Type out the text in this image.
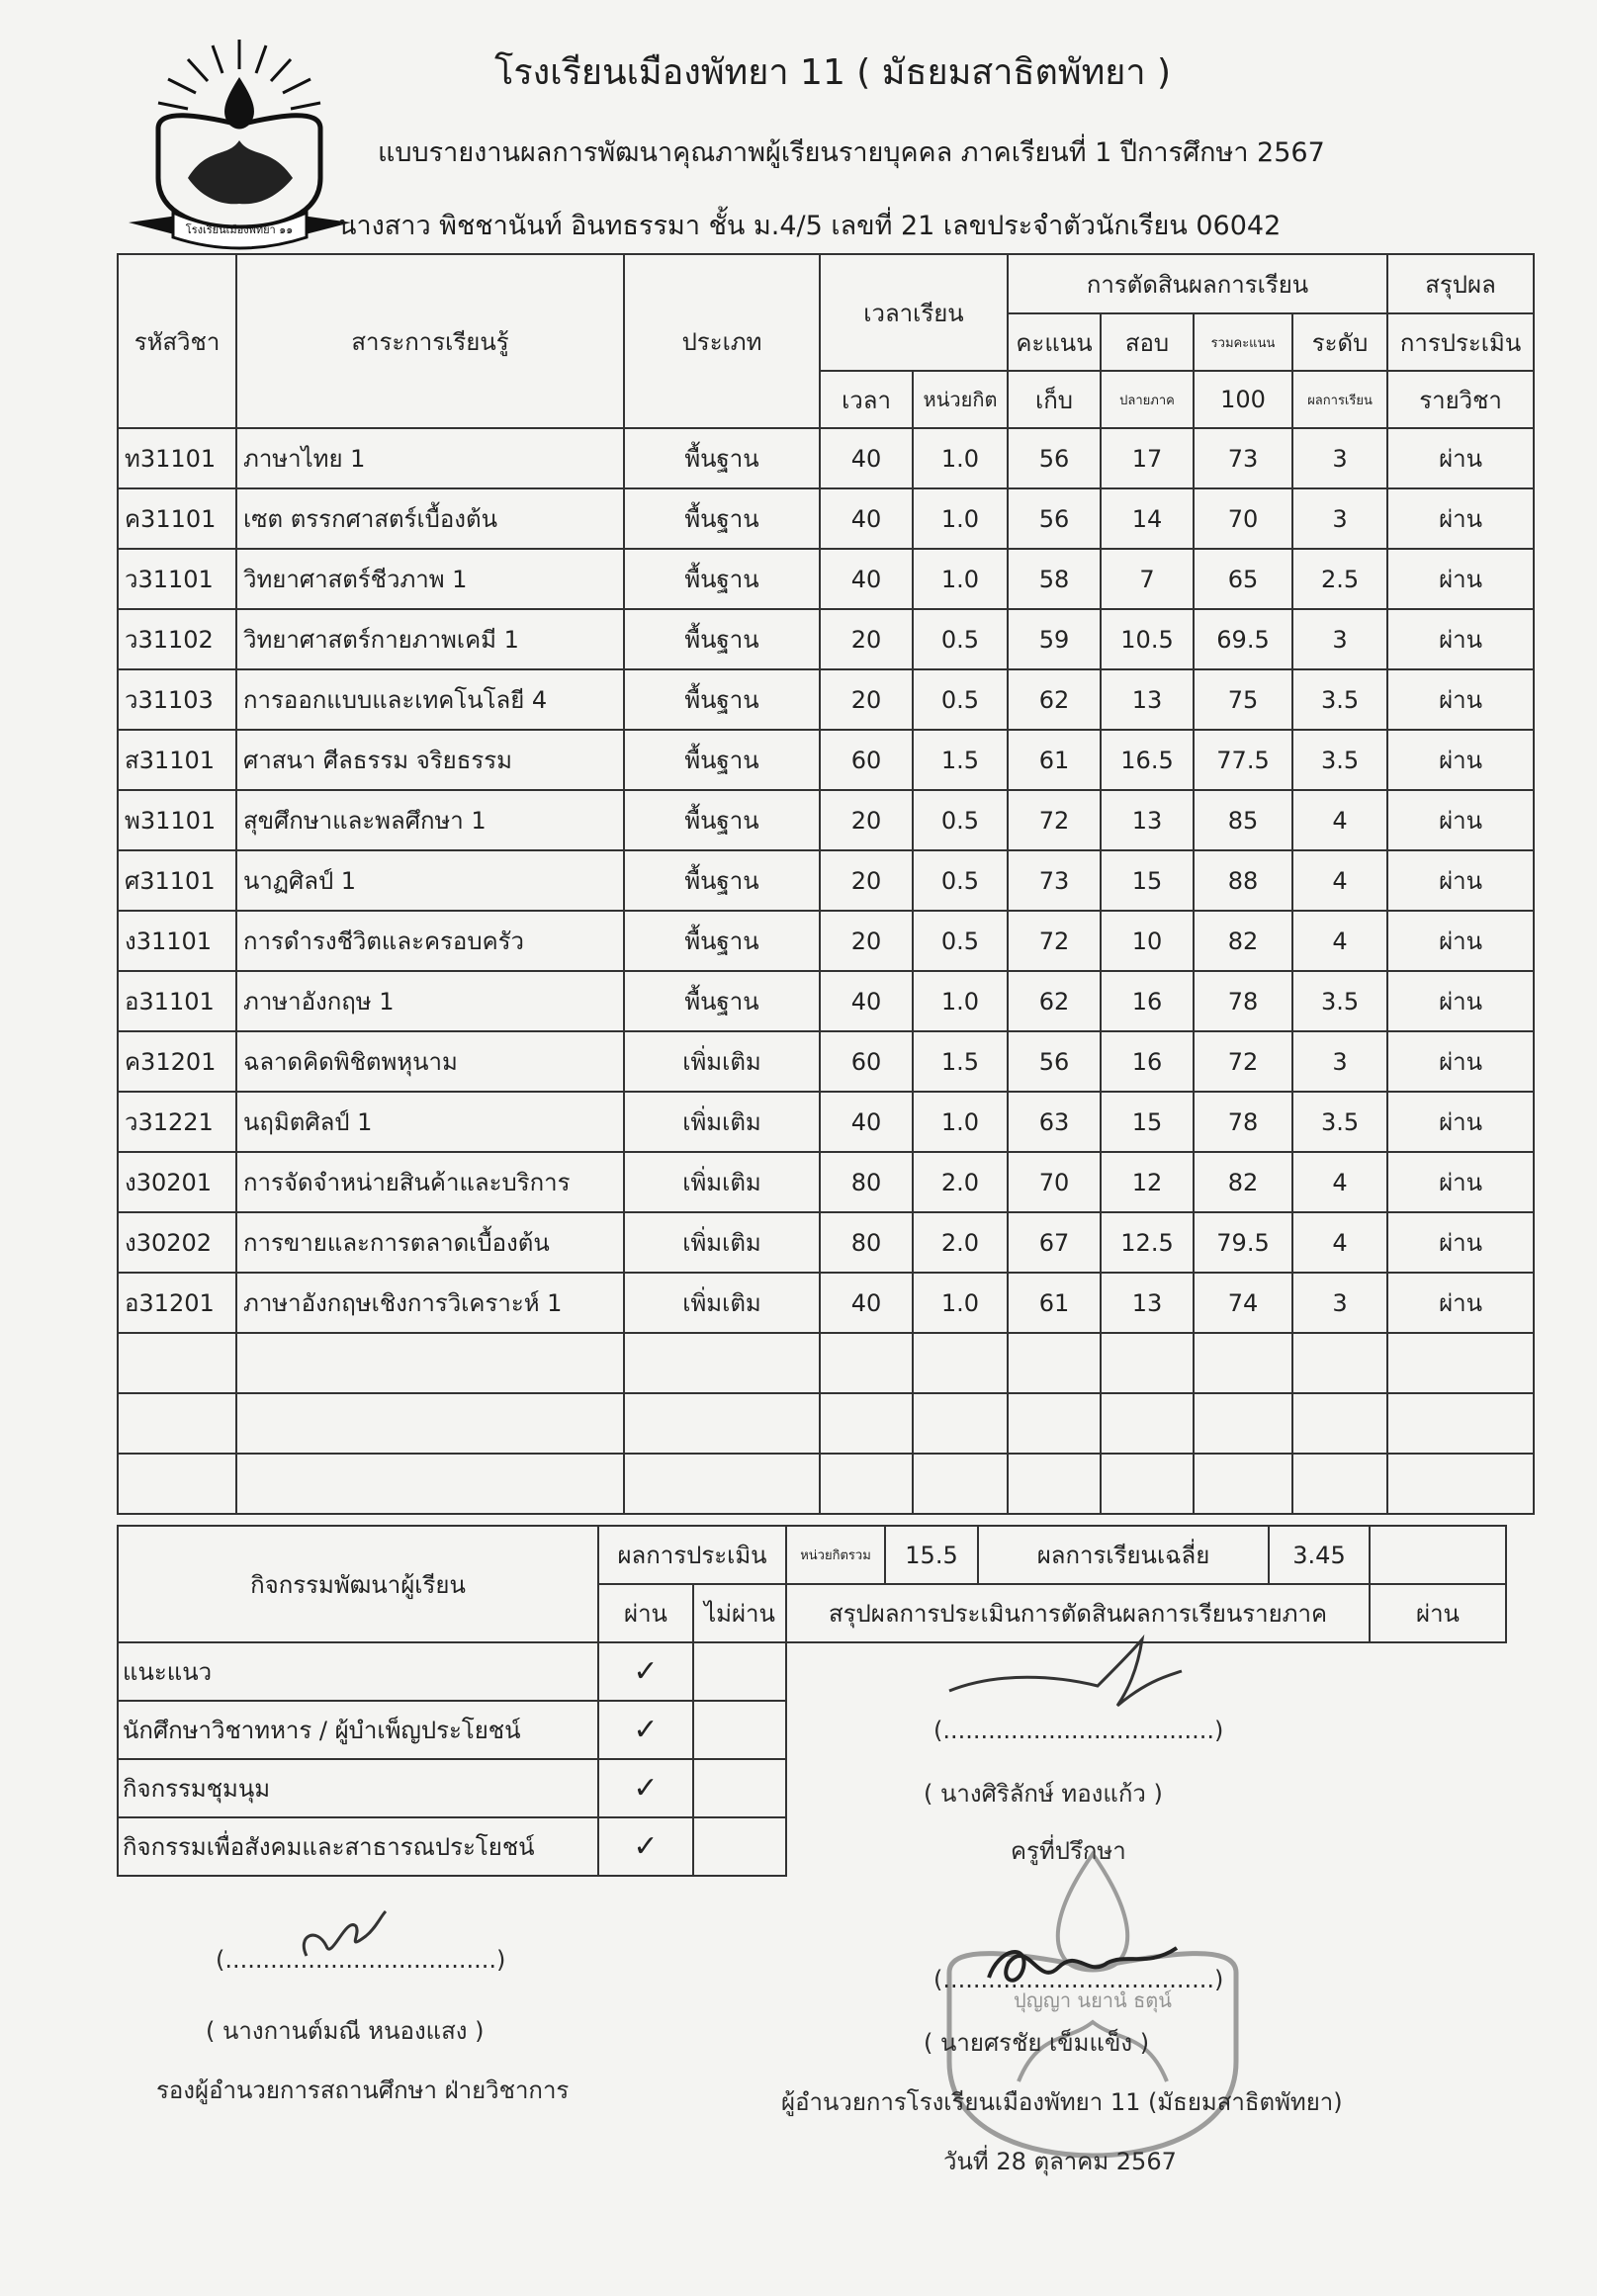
โรงเรียนเมืองพัทยา ๑๑
โรงเรียนเมืองพัทยา 11 ( มัธยมสาธิตพัทยา )
แบบรายงานผลการพัฒนาคุณภาพผู้เรียนรายบุคคล ภาคเรียนที่ 1 ปีการศึกษา 2567
นางสาว พิชชานันท์ อินทธรรมา ชั้น ม.4/5 เลขที่ 21 เลขประจำตัวนักเรียน 06042
รหัสวิชา	สาระการเรียนรู้	ประเภท	เวลาเรียน		การตัดสินผลการเรียน				สรุปผล
					คะแนน	สอบ	รวมคะแนน	ระดับ	การประเมิน
			เวลา	หน่วยกิต	เก็บ	ปลายภาค	100	ผลการเรียน	รายวิชา
ท31101	ภาษาไทย 1	พื้นฐาน	40	1.0	56	17	73	3	ผ่าน
ค31101	เซต ตรรกศาสตร์เบื้องต้น	พื้นฐาน	40	1.0	56	14	70	3	ผ่าน
ว31101	วิทยาศาสตร์ชีวภาพ 1	พื้นฐาน	40	1.0	58	7	65	2.5	ผ่าน
ว31102	วิทยาศาสตร์กายภาพเคมี 1	พื้นฐาน	20	0.5	59	10.5	69.5	3	ผ่าน
ว31103	การออกแบบและเทคโนโลยี 4	พื้นฐาน	20	0.5	62	13	75	3.5	ผ่าน
ส31101	ศาสนา ศีลธรรม จริยธรรม	พื้นฐาน	60	1.5	61	16.5	77.5	3.5	ผ่าน
พ31101	สุขศึกษาและพลศึกษา 1	พื้นฐาน	20	0.5	72	13	85	4	ผ่าน
ศ31101	นาฏศิลป์ 1	พื้นฐาน	20	0.5	73	15	88	4	ผ่าน
ง31101	การดำรงชีวิตและครอบครัว	พื้นฐาน	20	0.5	72	10	82	4	ผ่าน
อ31101	ภาษาอังกฤษ 1	พื้นฐาน	40	1.0	62	16	78	3.5	ผ่าน
ค31201	ฉลาดคิดพิชิตพหุนาม	เพิ่มเติม	60	1.5	56	16	72	3	ผ่าน
ว31221	นฤมิตศิลป์ 1	เพิ่มเติม	40	1.0	63	15	78	3.5	ผ่าน
ง30201	การจัดจำหน่ายสินค้าและบริการ	เพิ่มเติม	80	2.0	70	12	82	4	ผ่าน
ง30202	การขายและการตลาดเบื้องต้น	เพิ่มเติม	80	2.0	67	12.5	79.5	4	ผ่าน
อ31201	ภาษาอังกฤษเชิงการวิเคราะห์ 1	เพิ่มเติม	40	1.0	61	13	74	3	ผ่าน

กิจกรรมพัฒนาผู้เรียน	ผลการประเมิน	
	ผ่าน	ไม่ผ่าน
แนะแนว	✓	
นักศึกษาวิชาทหาร / ผู้บำเพ็ญประโยชน์	✓	
กิจกรรมชุมนุม	✓	
กิจกรรมเพื่อสังคมและสาธารณประโยชน์	✓	
หน่วยกิตรวม	15.5	ผลการเรียนเฉลี่ย	3.45	
สรุปผลการประเมินการตัดสินผลการเรียนรายภาค				ผ่าน
(....................................)
( นางกานต์มณี หนองแสง )
รองผู้อำนวยการสถานศึกษา ฝ่ายวิชาการ
(....................................)
( นางศิริลักษ์ ทองแก้ว )
ครูที่ปรึกษา
ปุญญา นยานํ ธตุน์
(....................................)
( นายศรชัย เข็มแข็ง )
ผู้อำนวยการโรงเรียนเมืองพัทยา 11 (มัธยมสาธิตพัทยา)
วันที่ 28 ตุลาคม 2567
